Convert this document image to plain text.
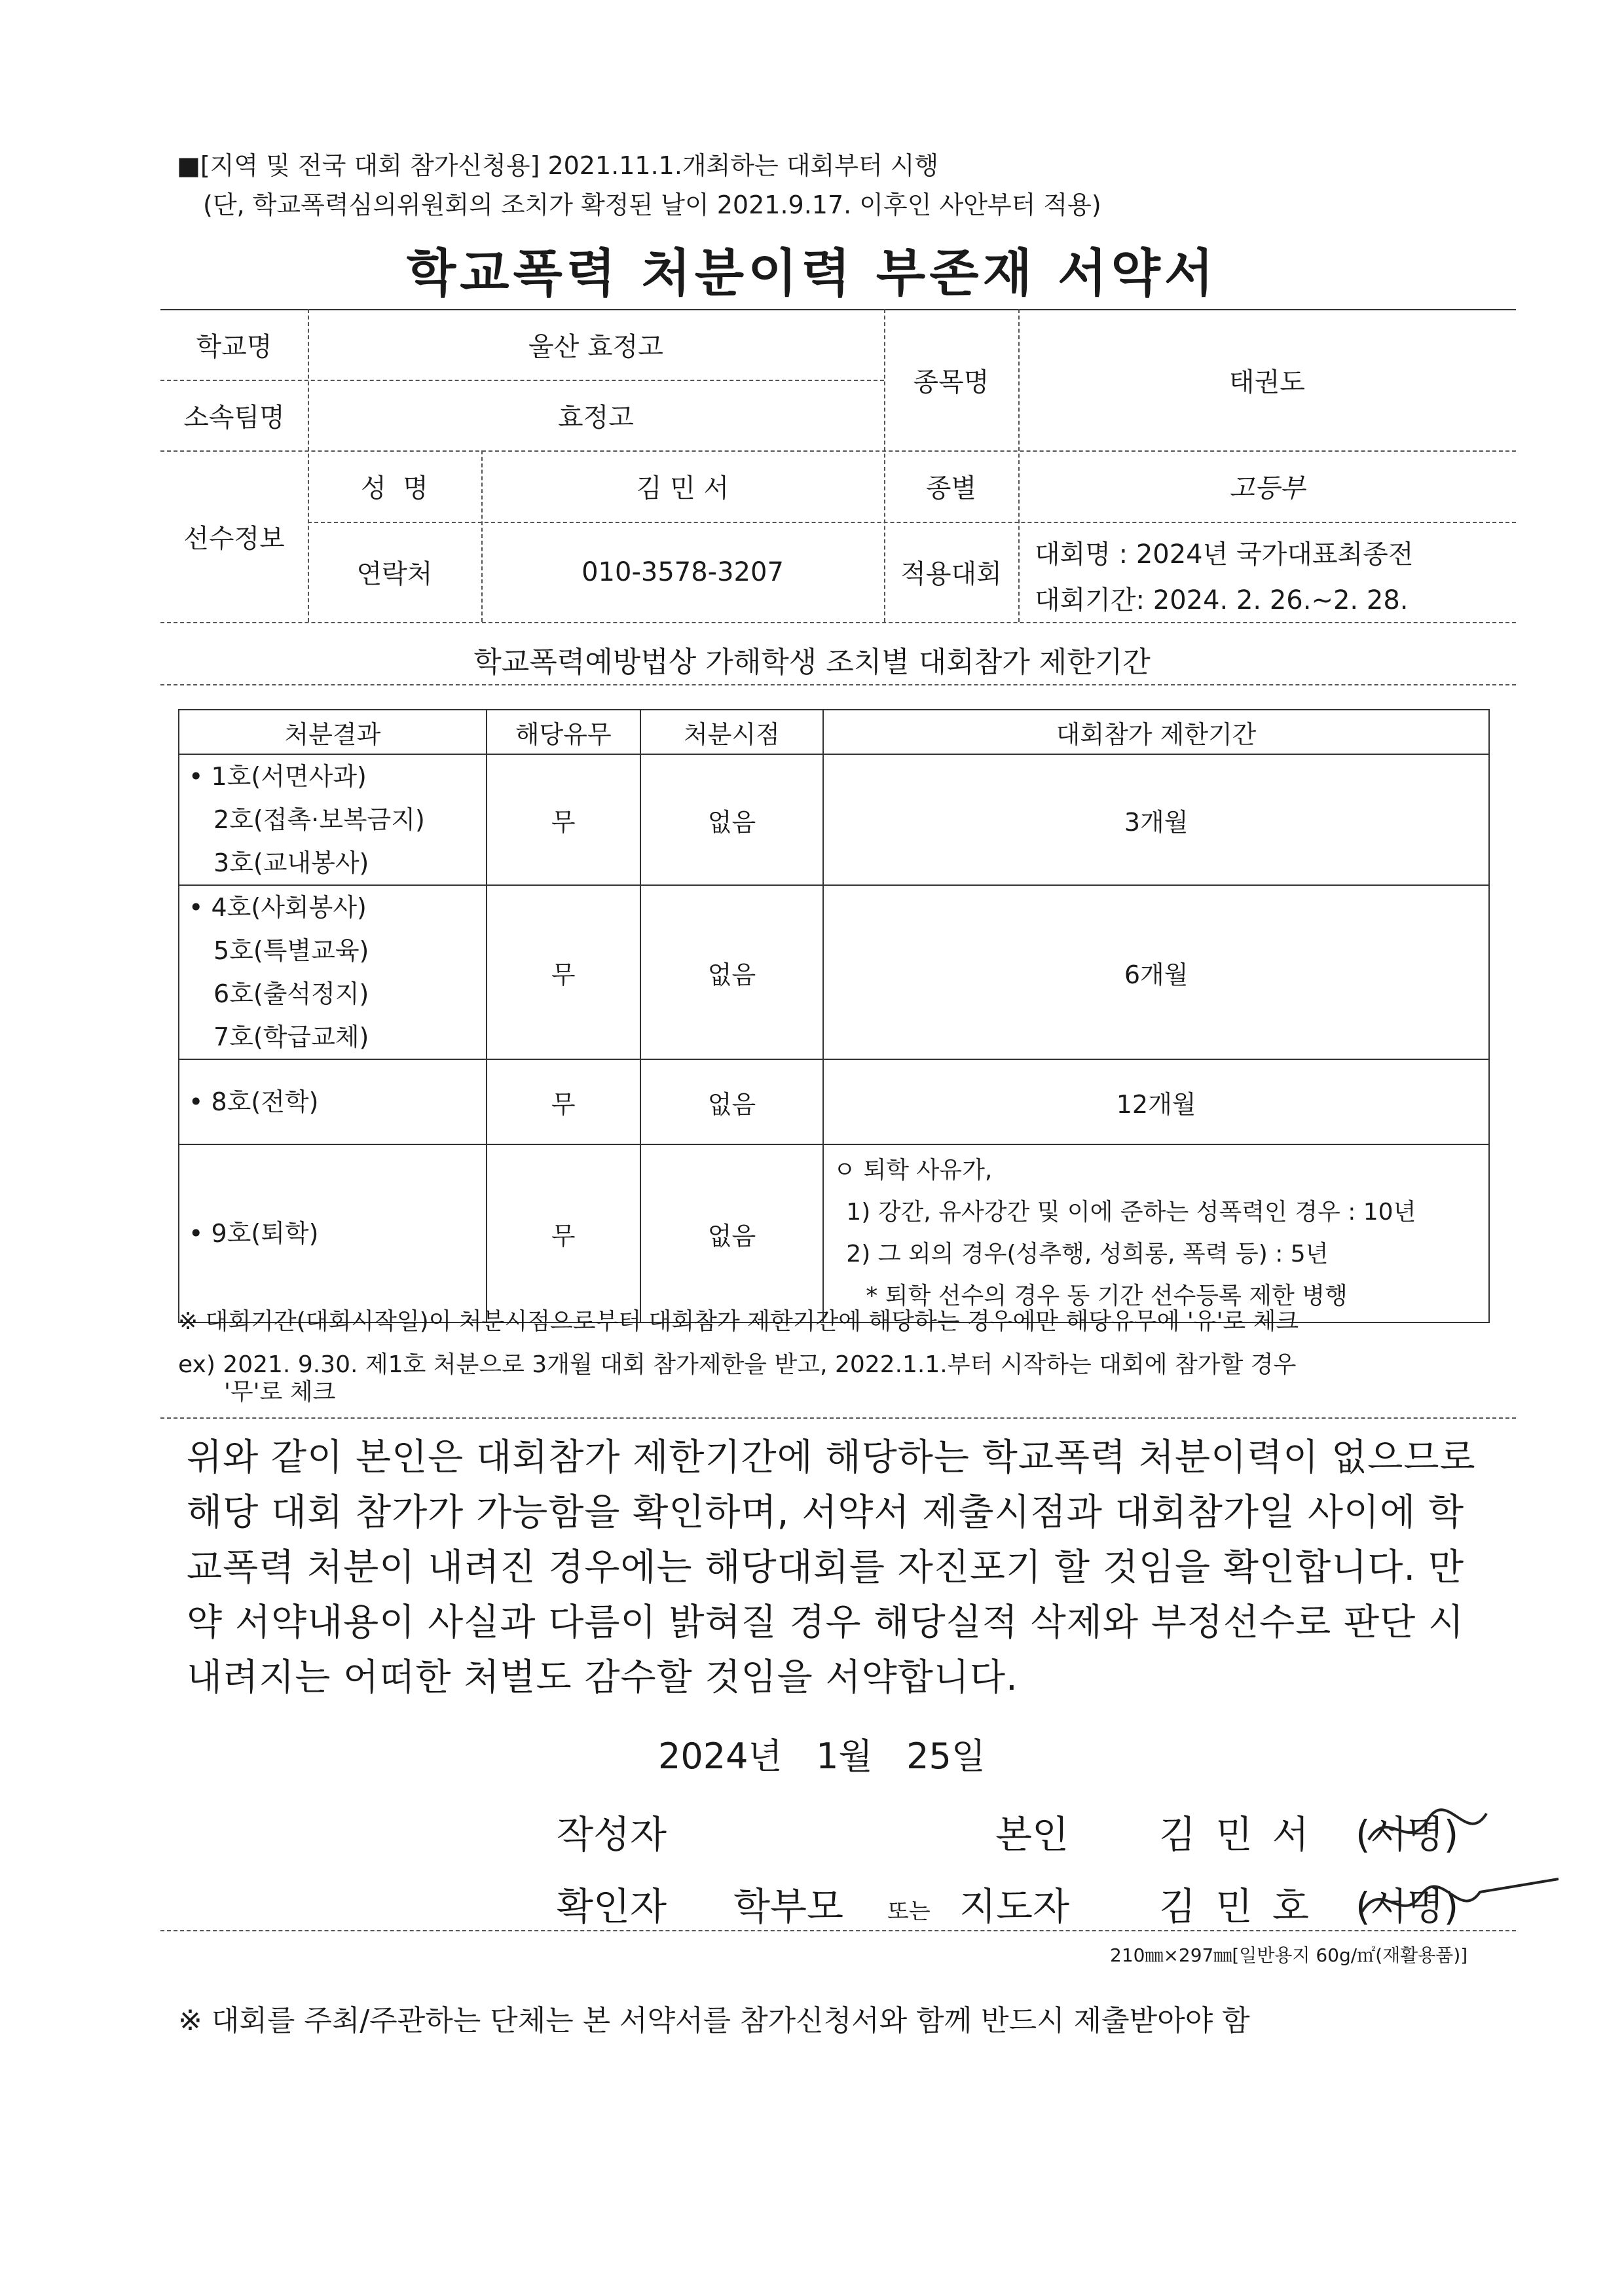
■[지역 및 전국 대회 참가신청용] 2021.11.1.개최하는 대회부터 시행
(단, 학교폭력심의위원회의 조치가 확정된 날이 2021.9.17. 이후인 사안부터 적용)
학교폭력 처분이력 부존재 서약서
학교명	울산 효정고
소속팀명	효정고
종목명	태권도
선수정보
성  명	김 민 서	종별	고등부
연락처	010-3578-3207	적용대회
대회명 : 2024년 국가대표최종전
대회기간: 2024. 2. 26.~2. 28.
학교폭력예방법상 가해학생 조치별 대회참가 제한기간
처분결과	해당유무	처분시점	대회참가 제한기간

• 1호(서면사과)
2호(접촉·보복금지)
3호(교내봉사)	무	없음	3개월

• 4호(사회봉사)
5호(특별교육)
6호(출석정지)
7호(학급교체)	무	없음	6개월

• 8호(전학)	무	없음	12개월

• 9호(퇴학)	무	없음	ㅇ 퇴학 사유가,
1) 강간, 유사강간 및 이에 준하는 성폭력인 경우 : 10년
2) 그 외의 경우(성추행, 성희롱, 폭력 등) : 5년
* 퇴학 선수의 경우 동 기간 선수등록 제한 병행
※ 대회기간(대회시작일)이 처분시점으로부터 대회참가 제한기간에 해당하는 경우에만 해당유무에 '유'로 체크
ex) 2021. 9.30. 제1호 처분으로 3개월 대회 참가제한을 받고, 2022.1.1.부터 시작하는 대회에 참가할 경우
'무'로 체크
위와 같이 본인은 대회참가 제한기간에 해당하는 학교폭력 처분이력이 없으므로 해당 대회 참가가 가능함을 확인하며, 서약서 제출시점과 대회참가일 사이에 학교폭력 처분이 내려진 경우에는 해당대회를 자진포기 할 것임을 확인합니다. 만약 서약내용이 사실과 다름이 밝혀질 경우 해당실적 삭제와 부정선수로 판단 시 내려지는 어떠한 처벌도 감수할 것임을 서약합니다.
2024년 1월 25일
작성자	본인 김 민 서 (서명)
확인자 학부모 또는 지도자 김 민 호 (서명)
210㎜×297㎜[일반용지 60g/㎡(재활용품)]
※ 대회를 주최/주관하는 단체는 본 서약서를 참가신청서와 함께 반드시 제출받아야 함
